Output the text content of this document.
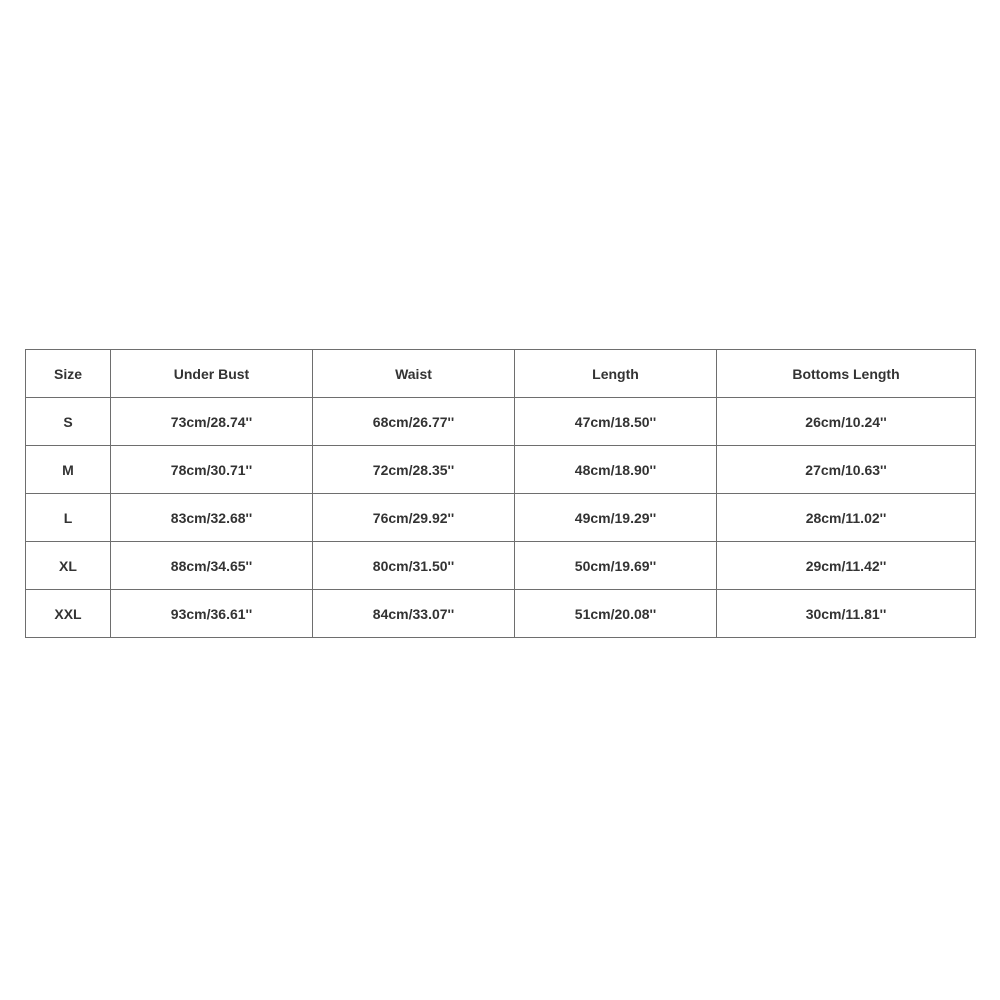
Size	Under Bust	Waist	Length	Bottoms Length
S	73cm/28.74''	68cm/26.77''	47cm/18.50''	26cm/10.24''
M	78cm/30.71''	72cm/28.35''	48cm/18.90''	27cm/10.63''
L	83cm/32.68''	76cm/29.92''	49cm/19.29''	28cm/11.02''
XL	88cm/34.65''	80cm/31.50''	50cm/19.69''	29cm/11.42''
XXL	93cm/36.61''	84cm/33.07''	51cm/20.08''	30cm/11.81''
